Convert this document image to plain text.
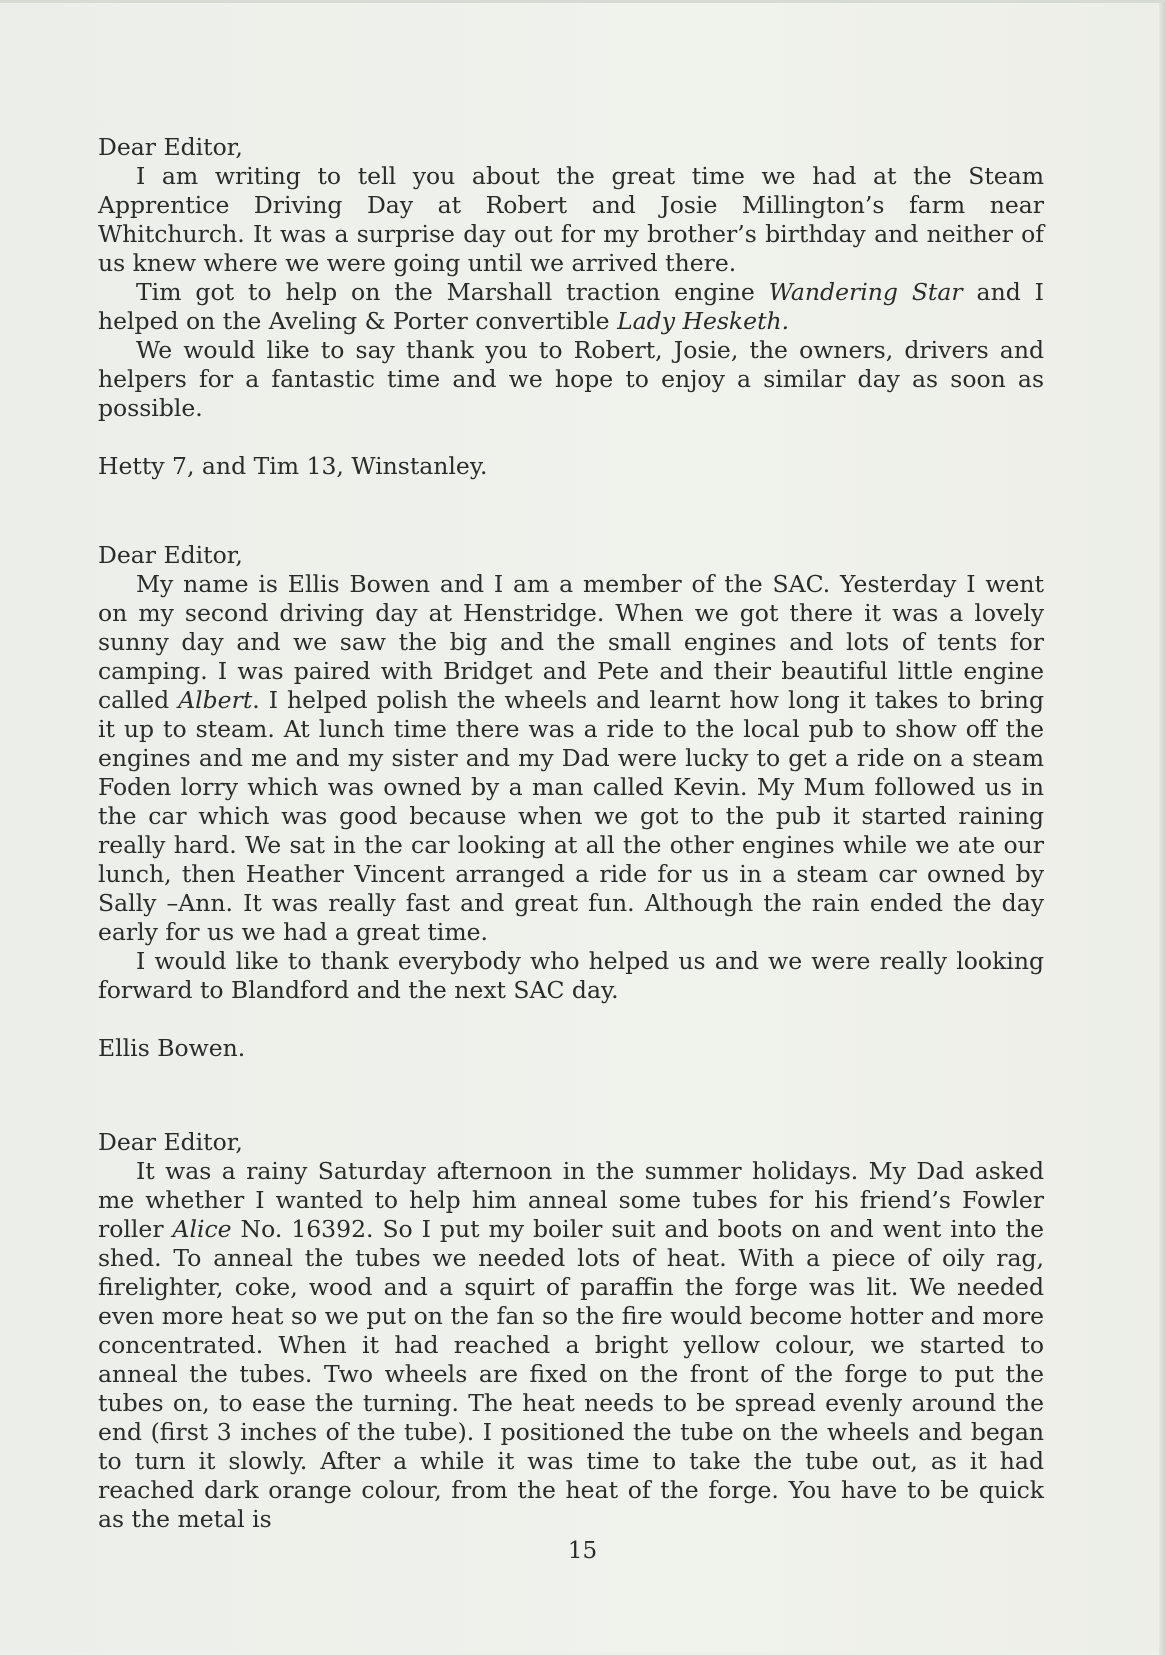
Dear Editor,

I am writing to tell you about the great time we had at the Steam Apprentice Driving Day at Robert and Josie Millington’s farm near Whitchurch. It was a surprise day out for my brother’s birthday and neither of us knew where we were going until we arrived there.

Tim got to help on the Marshall traction engine Wandering Star and I helped on the Aveling & Porter convertible Lady Hesketh.

We would like to say thank you to Robert, Josie, the owners, drivers and helpers for a fantastic time and we hope to enjoy a similar day as soon as possible.

Hetty 7, and Tim 13, Winstanley.

Dear Editor,

My name is Ellis Bowen and I am a member of the SAC. Yesterday I went on my second driving day at Henstridge. When we got there it was a lovely sunny day and we saw the big and the small engines and lots of tents for camping. I was paired with Bridget and Pete and their beautiful little engine called Albert. I helped polish the wheels and learnt how long it takes to bring it up to steam. At lunch time there was a ride to the local pub to show off the engines and me and my sister and my Dad were lucky to get a ride on a steam Foden lorry which was owned by a man called Kevin. My Mum followed us in the car which was good because when we got to the pub it started raining really hard. We sat in the car looking at all the other engines while we ate our lunch, then Heather Vincent arranged a ride for us in a steam car owned by Sally –Ann. It was really fast and great fun. Although the rain ended the day early for us we had a great time.

I would like to thank everybody who helped us and we were really looking forward to Blandford and the next SAC day.

Ellis Bowen.

Dear Editor,

It was a rainy Saturday afternoon in the summer holidays. My Dad asked me whether I wanted to help him anneal some tubes for his friend’s Fowler roller Alice No. 16392. So I put my boiler suit and boots on and went into the shed. To anneal the tubes we needed lots of heat. With a piece of oily rag, firelighter, coke, wood and a squirt of paraffin the forge was lit. We needed even more heat so we put on the fan so the fire would become hotter and more concentrated. When it had reached a bright yellow colour, we started to anneal the tubes. Two wheels are fixed on the front of the forge to put the tubes on, to ease the turning. The heat needs to be spread evenly around the end (first 3 inches of the tube). I positioned the tube on the wheels and began to turn it slowly. After a while it was time to take the tube out, as it had reached dark orange colour, from the heat of the forge. You have to be quick as the metal is

15
